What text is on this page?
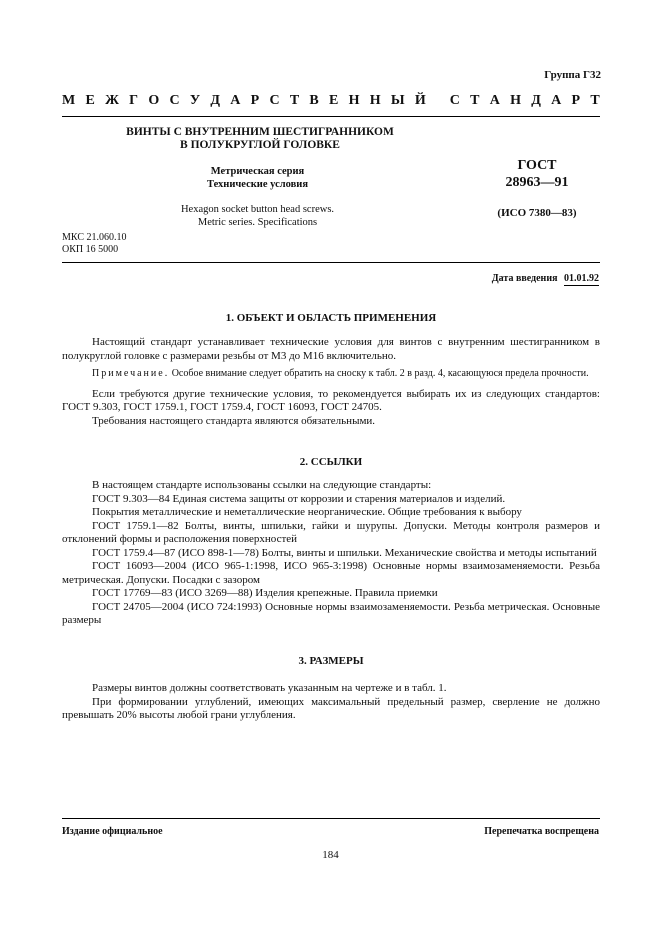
Группа Г32
М Е Ж Г О С У Д А Р С Т В Е Н Н Ы Й
С Т А Н Д А Р Т
ВИНТЫ С ВНУТРЕННИМ ШЕСТИГРАННИКОМ
В ПОЛУКРУГЛОЙ ГОЛОВКЕ
Метрическая серия
Технические условия
Hexagon socket button head screws.
Metric series. Specifications
ГОСТ
28963—91
(ИСО 7380—83)
МКС 21.060.10
ОКП 16 5000
Дата введения 01.01.92
1. ОБЪЕКТ И ОБЛАСТЬ ПРИМЕНЕНИЯ

Настоящий стандарт устанавливает технические условия для винтов с внутренним шестигранником в полукруглой головке с размерами резьбы от М3 до М16 включительно.

Примечание. Особое внимание следует обратить на сноску к табл. 2 в разд. 4, касающуюся предела прочности.

Если требуются другие технические условия, то рекомендуется выбирать их из следующих стандартов: ГОСТ 9.303, ГОСТ 1759.1, ГОСТ 1759.4, ГОСТ 16093, ГОСТ 24705.

Требования настоящего стандарта являются обязательными.

2. ССЫЛКИ

В настоящем стандарте использованы ссылки на следующие стандарты:

ГОСТ 9.303—84 Единая система защиты от коррозии и старения материалов и изделий.

Покрытия металлические и неметаллические неорганические. Общие требования к выбору

ГОСТ 1759.1—82 Болты, винты, шпильки, гайки и шурупы. Допуски. Методы контроля размеров и отклонений формы и расположения поверхностей

ГОСТ 1759.4—87 (ИСО 898-1—78) Болты, винты и шпильки. Механические свойства и методы испытаний

ГОСТ 16093—2004 (ИСО 965-1:1998, ИСО 965-3:1998) Основные нормы взаимозаменяемости. Резьба метрическая. Допуски. Посадки с зазором

ГОСТ 17769—83 (ИСО 3269—88) Изделия крепежные. Правила приемки

ГОСТ 24705—2004 (ИСО 724:1993) Основные нормы взаимозаменяемости. Резьба метрическая. Основные размеры

3. РАЗМЕРЫ

Размеры винтов должны соответствовать указанным на чертеже и в табл. 1.

При формировании углублений, имеющих максимальный предельный размер, сверление не должно превышать 20% высоты любой грани углубления.

Издание официальное	Перепечатка воспрещена
184
